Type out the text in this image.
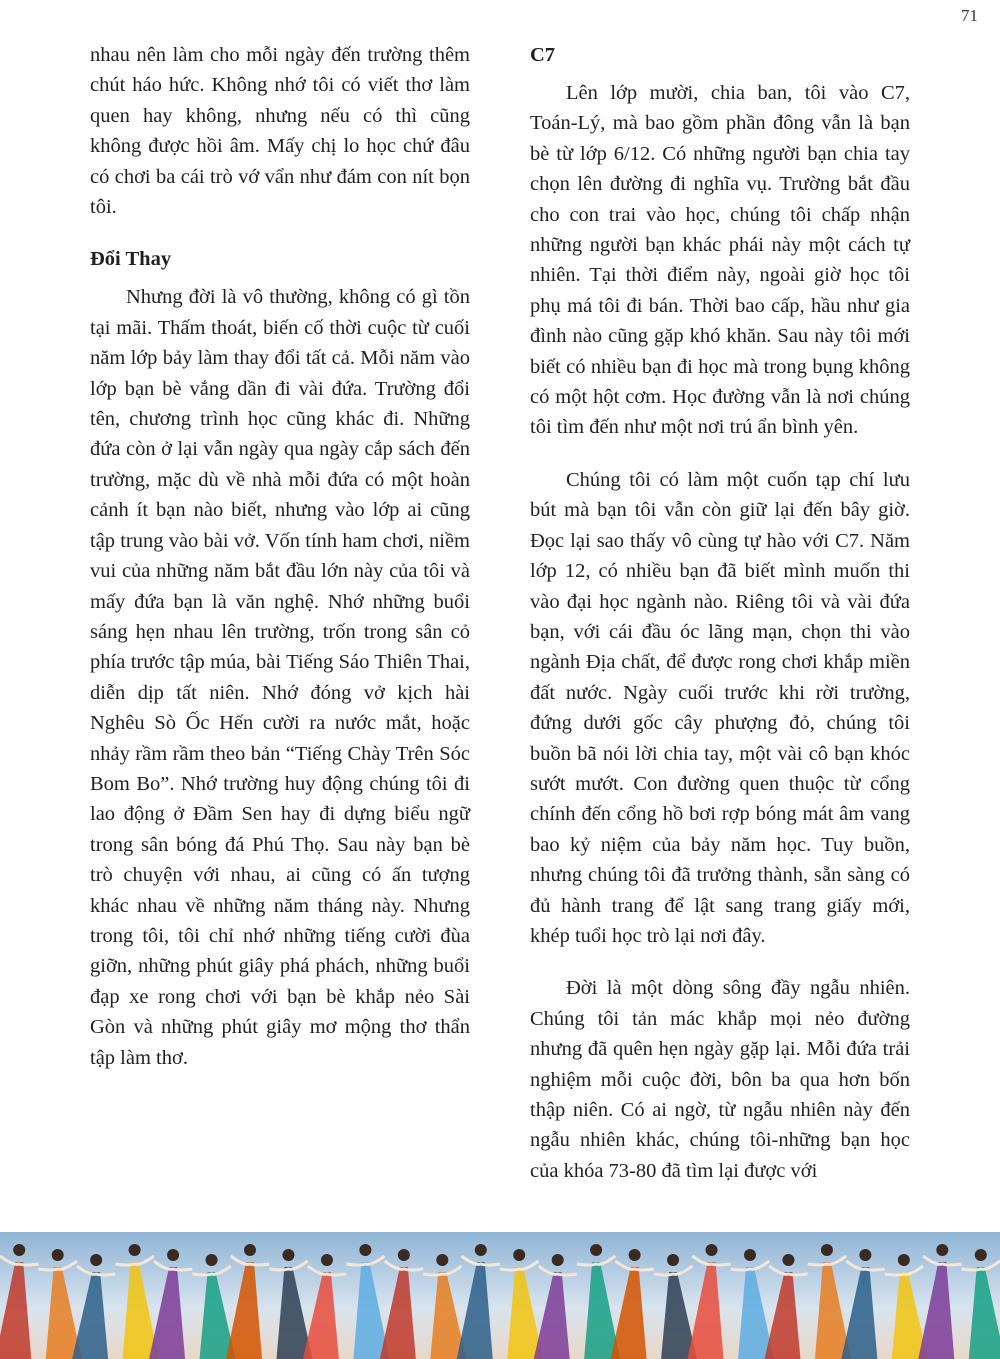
71

nhau nên làm cho mỗi ngày đến trường thêm chút háo hức. Không nhớ tôi có viết thơ làm quen hay không, nhưng nếu có thì cũng không được hồi âm. Mấy chị lo học chứ đâu có chơi ba cái trò vớ vẩn như đám con nít bọn tôi.

Đổi Thay

Nhưng đời là vô thường, không có gì tồn tại mãi. Thấm thoát, biến cố thời cuộc từ cuối năm lớp bảy làm thay đổi tất cả. Mỗi năm vào lớp bạn bè vắng dần đi vài đứa. Trường đổi tên, chương trình học cũng khác đi. Những đứa còn ở lại vẫn ngày qua ngày cắp sách đến trường, mặc dù về nhà mỗi đứa có một hoàn cảnh ít bạn nào biết, nhưng vào lớp ai cũng tập trung vào bài vở. Vốn tính ham chơi, niềm vui của những năm bắt đầu lớn này của tôi và mấy đứa bạn là văn nghệ. Nhớ những buổi sáng hẹn nhau lên trường, trốn trong sân cỏ phía trước tập múa, bài Tiếng Sáo Thiên Thai, diễn dịp tất niên. Nhớ đóng vở kịch hài Nghêu Sò Ốc Hến cười ra nước mắt, hoặc nhảy rầm rầm theo bản “Tiếng Chày Trên Sóc Bom Bo”. Nhớ trường huy động chúng tôi đi lao động ở Đầm Sen hay đi dựng biểu ngữ trong sân bóng đá Phú Thọ. Sau này bạn bè trò chuyện với nhau, ai cũng có ấn tượng khác nhau về những năm tháng này. Nhưng trong tôi, tôi chỉ nhớ những tiếng cười đùa giỡn, những phút giây phá phách, những buổi đạp xe rong chơi với bạn bè khắp nẻo Sài Gòn và những phút giây mơ mộng thơ thẩn tập làm thơ.

C7

Lên lớp mười, chia ban, tôi vào C7, Toán-Lý, mà bao gồm phần đông vẫn là bạn bè từ lớp 6/12. Có những người bạn chia tay chọn lên đường đi nghĩa vụ. Trường bắt đầu cho con trai vào học, chúng tôi chấp nhận những người bạn khác phái này một cách tự nhiên. Tại thời điểm này, ngoài giờ học tôi phụ má tôi đi bán. Thời bao cấp, hầu như gia đình nào cũng gặp khó khăn. Sau này tôi mới biết có nhiều bạn đi học mà trong bụng không có một hột cơm. Học đường vẫn là nơi chúng tôi tìm đến như một nơi trú ẩn bình yên.

Chúng tôi có làm một cuốn tạp chí lưu bút mà bạn tôi vẫn còn giữ lại đến bây giờ. Đọc lại sao thấy vô cùng tự hào với C7. Năm lớp 12, có nhiều bạn đã biết mình muốn thi vào đại học ngành nào. Riêng tôi và vài đứa bạn, với cái đầu óc lãng mạn, chọn thi vào ngành Địa chất, để được rong chơi khắp miền đất nước. Ngày cuối trước khi rời trường, đứng dưới gốc cây phượng đỏ, chúng tôi buồn bã nói lời chia tay, một vài cô bạn khóc sướt mướt. Con đường quen thuộc từ cổng chính đến cổng hồ bơi rợp bóng mát âm vang bao kỷ niệm của bảy năm học. Tuy buồn, nhưng chúng tôi đã trưởng thành, sẵn sàng có đủ hành trang để lật sang trang giấy mới, khép tuổi học trò lại nơi đây.

Đời là một dòng sông đầy ngẫu nhiên. Chúng tôi tản mác khắp mọi nẻo đường nhưng đã quên hẹn ngày gặp lại. Mỗi đứa trải nghiệm mỗi cuộc đời, bôn ba qua hơn bốn thập niên. Có ai ngờ, từ ngẫu nhiên này đến ngẫu nhiên khác, chúng tôi-những bạn học của khóa 73-80 đã tìm lại được với
